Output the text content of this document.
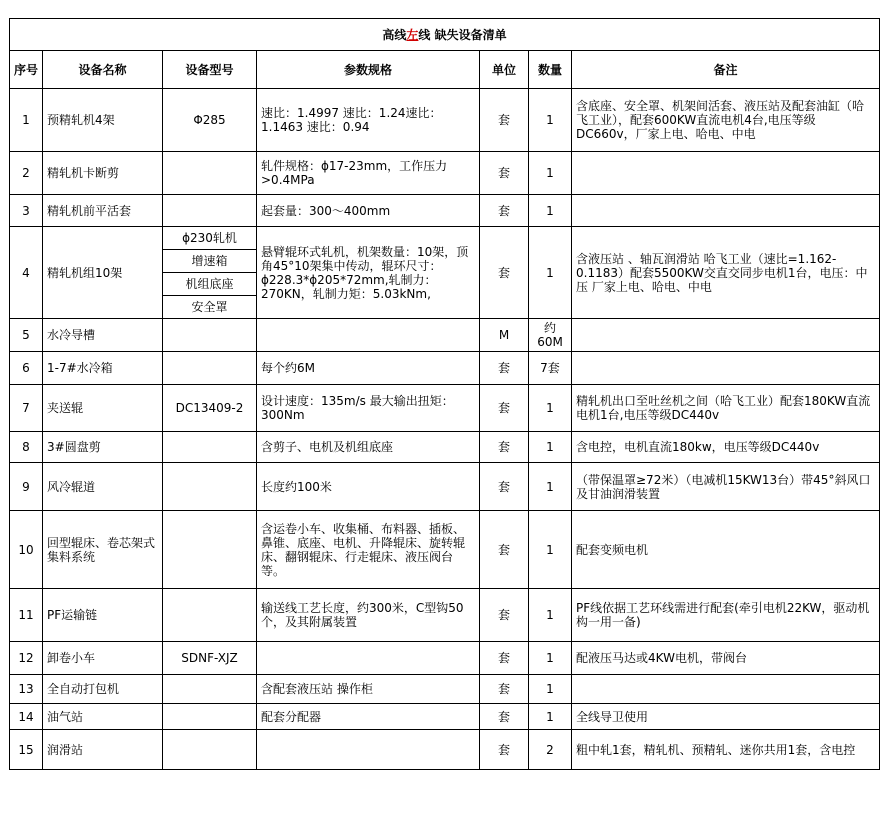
高线左线 缺失设备清单						
序号	设备名称	设备型号	参数规格	单位	数量	备注
1	预精轧机4架	Φ285	速比：1.4997 速比：1.24速比：1.1463 速比：0.94	套	1	含底座、安全罩、机架间活套、液压站及配套油缸（哈飞工业），配套600KW直流电机4台,电压等级DC660v，厂家上电、哈电、中电
2	精轧机卡断剪		轧件规格：ϕ17-23mm，工作压力>0.4MPa	套	1	
3	精轧机前平活套		起套量：300～400mm	套	1	
4	精轧机组10架	ϕ230轧机	悬臂辊环式轧机，机架数量：10架，顶角45°10架集中传动，辊环尺寸：ϕ228.3*ϕ205*72mm,轧制力：270KN，轧制力矩：5.03kNm,	套	1	含液压站 、轴瓦润滑站 哈飞工业（速比=1.162-0.1183）配套5500KW交直交同步电机1台，电压：中压 厂家上电、哈电、中电
		增速箱				
		机组底座				
		安全罩				
5	水冷导槽			M	约60M	
6	1-7#水冷箱		每个约6M	套	7套	
7	夹送辊	DC13409-2	设计速度：135m/s 最大输出扭矩：300Nm	套	1	精轧机出口至吐丝机之间（哈飞工业）配套180KW直流电机1台,电压等级DC440v
8	3#圆盘剪		含剪子、电机及机组底座	套	1	含电控，电机直流180kw，电压等级DC440v
9	风冷辊道		长度约100米	套	1	（带保温罩≥72米）（电减机15KW13台）带45°斜风口及甘油润滑装置
10	回型辊床、卷芯架式集料系统		含运卷小车、收集桶、布料器、插板、鼻锥、底座、电机、升降辊床、旋转辊床、翻钢辊床、行走辊床、液压阀台等。	套	1	配套变频电机
11	PF运输链		输送线工艺长度，约300米，C型钩50个，及其附属装置	套	1	PF线依据工艺环线需进行配套(牵引电机22KW，驱动机构一用一备)
12	卸卷小车	SDNF-XJZ		套	1	配液压马达或4KW电机，带阀台
13	全自动打包机		含配套液压站 操作柜	套	1	
14	油气站		配套分配器	套	1	全线导卫使用
15	润滑站			套	2	粗中轧1套，精轧机、预精轧、迷你共用1套，含电控
